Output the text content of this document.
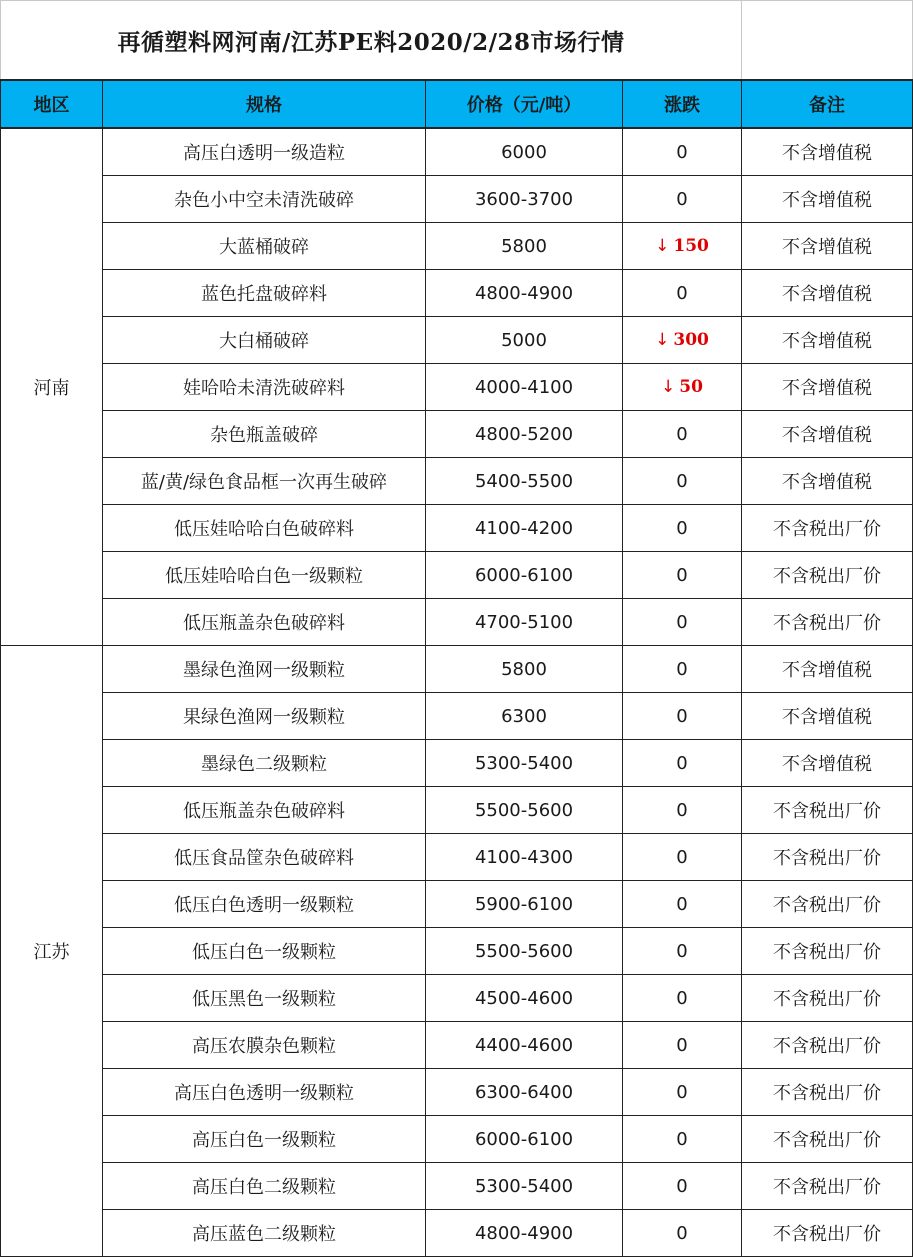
再循塑料网河南/江苏PE料2020/2/28市场行情				
地区	规格	价格（元/吨）	涨跌	备注
河南	高压白透明一级造粒	6000	0	不含增值税
	杂色小中空未清洗破碎	3600-3700	0	不含增值税
	大蓝桶破碎	5800	↓ 150	不含增值税
	蓝色托盘破碎料	4800-4900	0	不含增值税
	大白桶破碎	5000	↓ 300	不含增值税
	娃哈哈未清洗破碎料	4000-4100	↓ 50	不含增值税
	杂色瓶盖破碎	4800-5200	0	不含增值税
	蓝/黄/绿色食品框一次再生破碎	5400-5500	0	不含增值税
	低压娃哈哈白色破碎料	4100-4200	0	不含税出厂价
	低压娃哈哈白色一级颗粒	6000-6100	0	不含税出厂价
	低压瓶盖杂色破碎料	4700-5100	0	不含税出厂价
江苏	墨绿色渔网一级颗粒	5800	0	不含增值税
	果绿色渔网一级颗粒	6300	0	不含增值税
	墨绿色二级颗粒	5300-5400	0	不含增值税
	低压瓶盖杂色破碎料	5500-5600	0	不含税出厂价
	低压食品筐杂色破碎料	4100-4300	0	不含税出厂价
	低压白色透明一级颗粒	5900-6100	0	不含税出厂价
	低压白色一级颗粒	5500-5600	0	不含税出厂价
	低压黑色一级颗粒	4500-4600	0	不含税出厂价
	高压农膜杂色颗粒	4400-4600	0	不含税出厂价
	高压白色透明一级颗粒	6300-6400	0	不含税出厂价
	高压白色一级颗粒	6000-6100	0	不含税出厂价
	高压白色二级颗粒	5300-5400	0	不含税出厂价
	高压蓝色二级颗粒	4800-4900	0	不含税出厂价
